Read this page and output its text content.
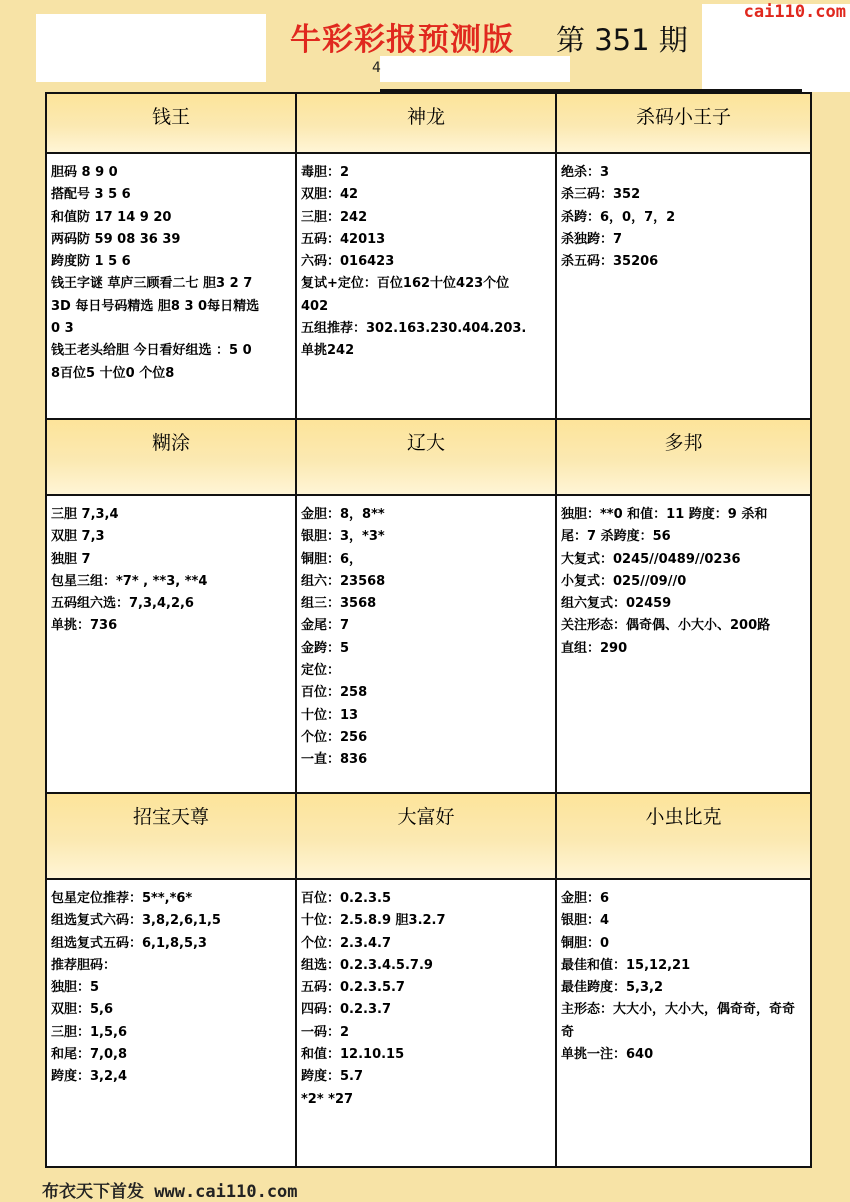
牛彩彩报预测版 第 351 期
cai110.com
4
钱王	神龙	杀码小王子
胆码 8 9 0
搭配号 3 5 6
和值防 17 14 9 20
两码防 59 08 36 39
跨度防 1 5 6
钱王字谜 草庐三顾看二七 胆3 2 7
3D 每日号码精选 胆8 3 0每日精选
0 3
钱王老头给胆 今日看好组选 ：5 0
8百位5 十位0 个位8
毒胆：2
双胆：42
三胆：242
五码：42013
六码：016423
复试+定位：百位162十位423个位
402
五组推荐：302.163.230.404.203.
单挑242
绝杀：3
杀三码：352
杀跨：6，0，7，2
杀独跨：7
杀五码：35206
糊涂	辽大	多邦
三胆 7,3,4
双胆 7,3
独胆 7
包星三组：*7* , **3, **4
五码组六选：7,3,4,2,6
单挑：736
金胆：8，8**
银胆：3，*3*
铜胆：6，
组六：23568
组三：3568
金尾：7
金跨：5
定位：
百位：258
十位：13
个位：256
一直：836
独胆：**0 和值：11 跨度：9 杀和
尾：7 杀跨度：56
大复式：0245//0489//0236
小复式：025//09//0
组六复式：02459
关注形态：偶奇偶、小大小、200路
直组：290
招宝天尊	大富好	小虫比克
包星定位推荐：5**,*6*
组选复式六码：3,8,2,6,1,5
组选复式五码：6,1,8,5,3
推荐胆码：
独胆：5
双胆：5,6
三胆：1,5,6
和尾：7,0,8
跨度：3,2,4
百位：0.2.3.5
十位：2.5.8.9 胆3.2.7
个位：2.3.4.7
组选：0.2.3.4.5.7.9
五码：0.2.3.5.7
四码：0.2.3.7
一码：2
和值：12.10.15
跨度：5.7
*2* *27
金胆：6
银胆：4
铜胆：0
最佳和值：15,12,21
最佳跨度：5,3,2
主形态：大大小，大小大，偶奇奇，奇奇
奇
单挑一注：640
布衣天下首发 www.cai110.com
